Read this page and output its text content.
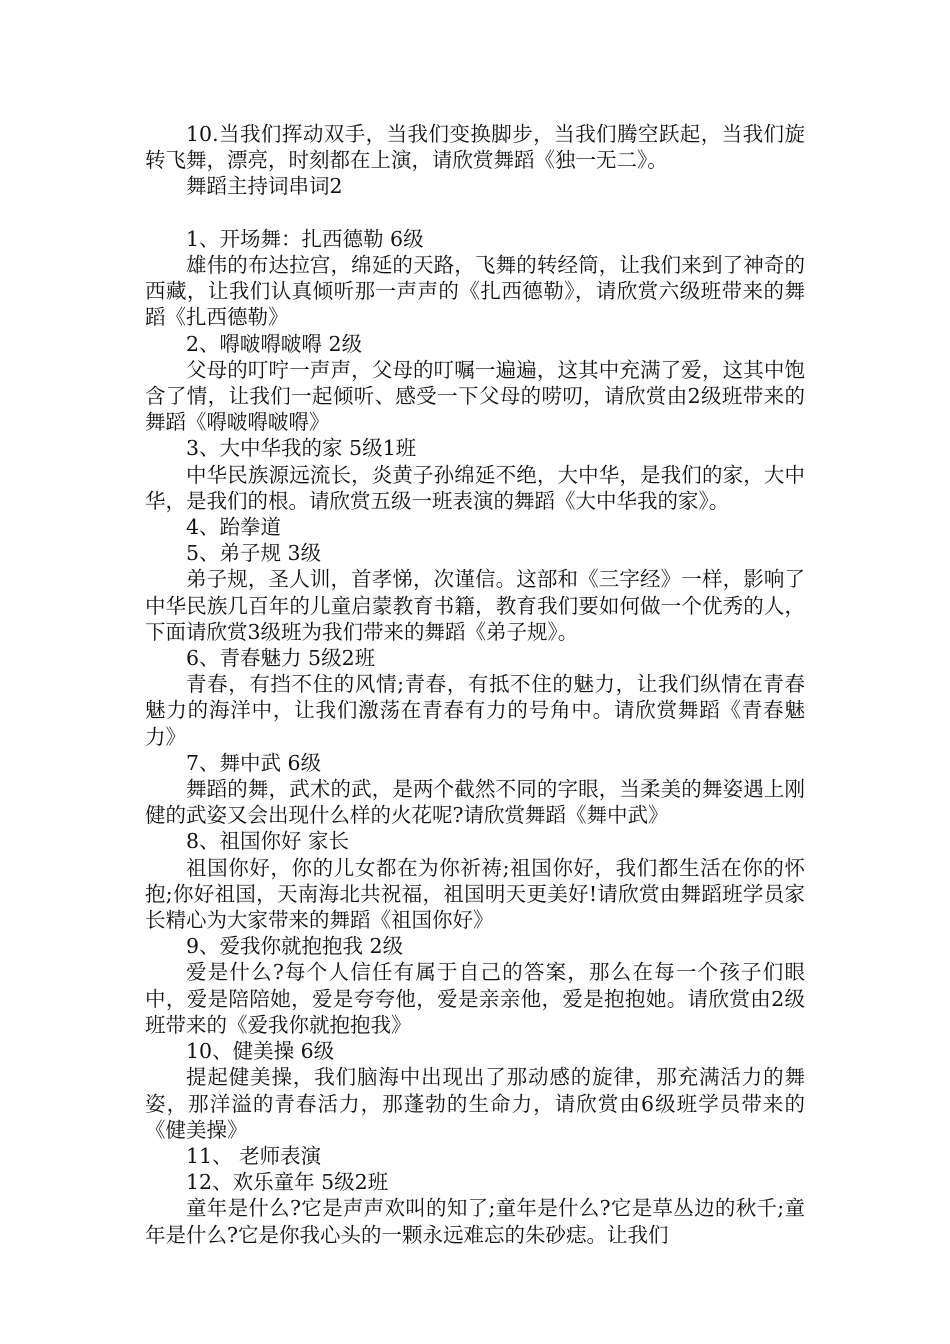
10.当我们挥动双手，当我们变换脚步，当我们腾空跃起，当我们旋转飞舞，漂亮，时刻都在上演，请欣赏舞蹈《独一无二》。

舞蹈主持词串词2

1、开场舞：扎西德勒 6级

雄伟的布达拉宫，绵延的天路，飞舞的转经筒，让我们来到了神奇的西藏，让我们认真倾听那一声声的《扎西德勒》，请欣赏六级班带来的舞蹈《扎西德勒》

2、嘚啵嘚啵嘚 2级

父母的叮咛一声声，父母的叮嘱一遍遍，这其中充满了爱，这其中饱含了情，让我们一起倾听、感受一下父母的唠叨，请欣赏由2级班带来的舞蹈《嘚啵嘚啵嘚》

3、大中华我的家 5级1班

中华民族源远流长，炎黄子孙绵延不绝，大中华，是我们的家，大中华，是我们的根。请欣赏五级一班表演的舞蹈《大中华我的家》。

4、跆拳道

5、弟子规 3级

弟子规，圣人训，首孝悌，次谨信。这部和《三字经》一样，影响了中华民族几百年的儿童启蒙教育书籍，教育我们要如何做一个优秀的人，下面请欣赏3级班为我们带来的舞蹈《弟子规》。

6、青春魅力 5级2班

青春，有挡不住的风情;青春，有抵不住的魅力，让我们纵情在青春魅力的海洋中，让我们激荡在青春有力的号角中。请欣赏舞蹈《青春魅力》

7、舞中武 6级

舞蹈的舞，武术的武，是两个截然不同的字眼，当柔美的舞姿遇上刚健的武姿又会出现什么样的火花呢?请欣赏舞蹈《舞中武》

8、祖国你好 家长

祖国你好，你的儿女都在为你祈祷;祖国你好，我们都生活在你的怀抱;你好祖国，天南海北共祝福，祖国明天更美好!请欣赏由舞蹈班学员家长精心为大家带来的舞蹈《祖国你好》

9、爱我你就抱抱我 2级

爱是什么?每个人信任有属于自己的答案，那么在每一个孩子们眼中，爱是陪陪她，爱是夸夸他，爱是亲亲他，爱是抱抱她。请欣赏由2级班带来的《爱我你就抱抱我》

10、健美操 6级

提起健美操，我们脑海中出现出了那动感的旋律，那充满活力的舞姿，那洋溢的青春活力，那蓬勃的生命力，请欣赏由6级班学员带来的《健美操》

11、 老师表演

12、欢乐童年 5级2班

童年是什么?它是声声欢叫的知了;童年是什么?它是草丛边的秋千;童年是什么?它是你我心头的一颗永远难忘的朱砂痣。让我们
